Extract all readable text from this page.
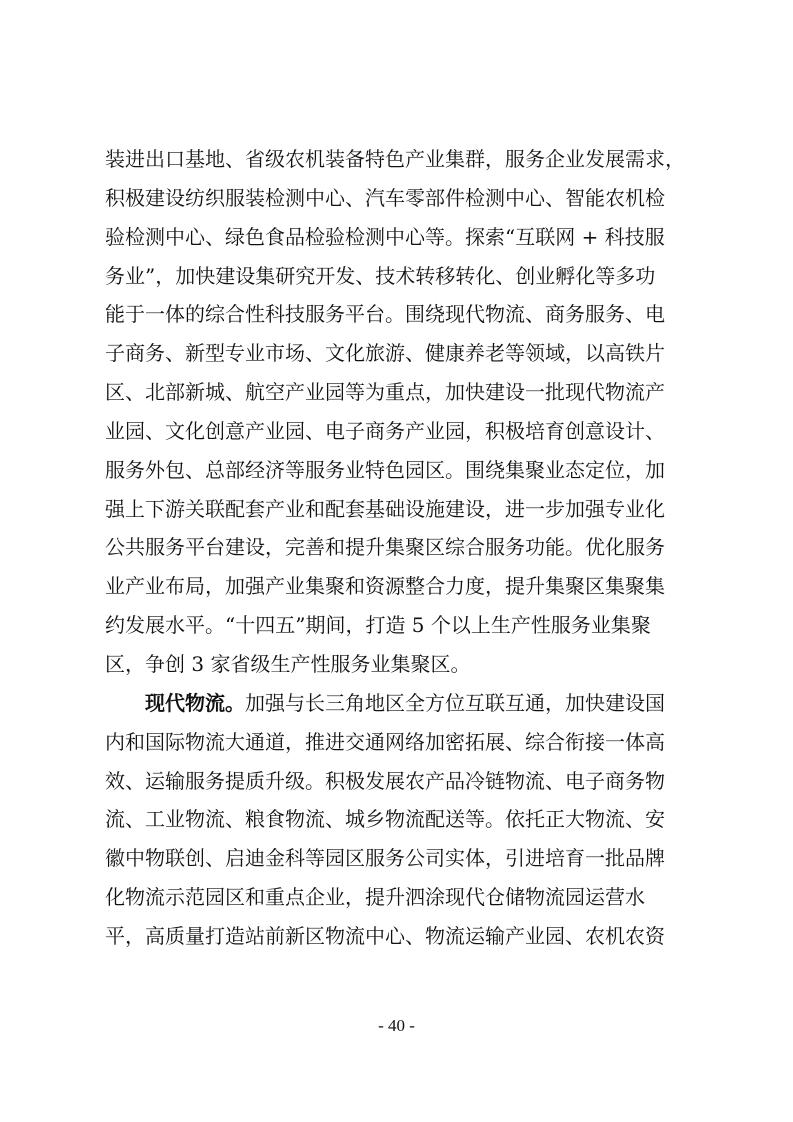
装进出口基地、省级农机装备特色产业集群，服务企业发展需求，
积极建设纺织服装检测中心、汽车零部件检测中心、智能农机检
验检测中心、绿色食品检验检测中心等。探索“互联网 + 科技服
务业”，加快建设集研究开发、技术转移转化、创业孵化等多功
能于一体的综合性科技服务平台。围绕现代物流、商务服务、电
子商务、新型专业市场、文化旅游、健康养老等领域，以高铁片
区、北部新城、航空产业园等为重点，加快建设一批现代物流产
业园、文化创意产业园、电子商务产业园，积极培育创意设计、
服务外包、总部经济等服务业特色园区。围绕集聚业态定位，加
强上下游关联配套产业和配套基础设施建设，进一步加强专业化
公共服务平台建设，完善和提升集聚区综合服务功能。优化服务
业产业布局，加强产业集聚和资源整合力度，提升集聚区集聚集
约发展水平。“十四五”期间，打造 5 个以上生产性服务业集聚
区，争创 3 家省级生产性服务业集聚区。
现代物流。加强与长三角地区全方位互联互通，加快建设国
内和国际物流大通道，推进交通网络加密拓展、综合衔接一体高
效、运输服务提质升级。积极发展农产品冷链物流、电子商务物
流、工业物流、粮食物流、城乡物流配送等。依托正大物流、安
徽中物联创、启迪金科等园区服务公司实体，引进培育一批品牌
化物流示范园区和重点企业，提升泗涂现代仓储物流园运营水
平，高质量打造站前新区物流中心、物流运输产业园、农机农资
- 40 -
